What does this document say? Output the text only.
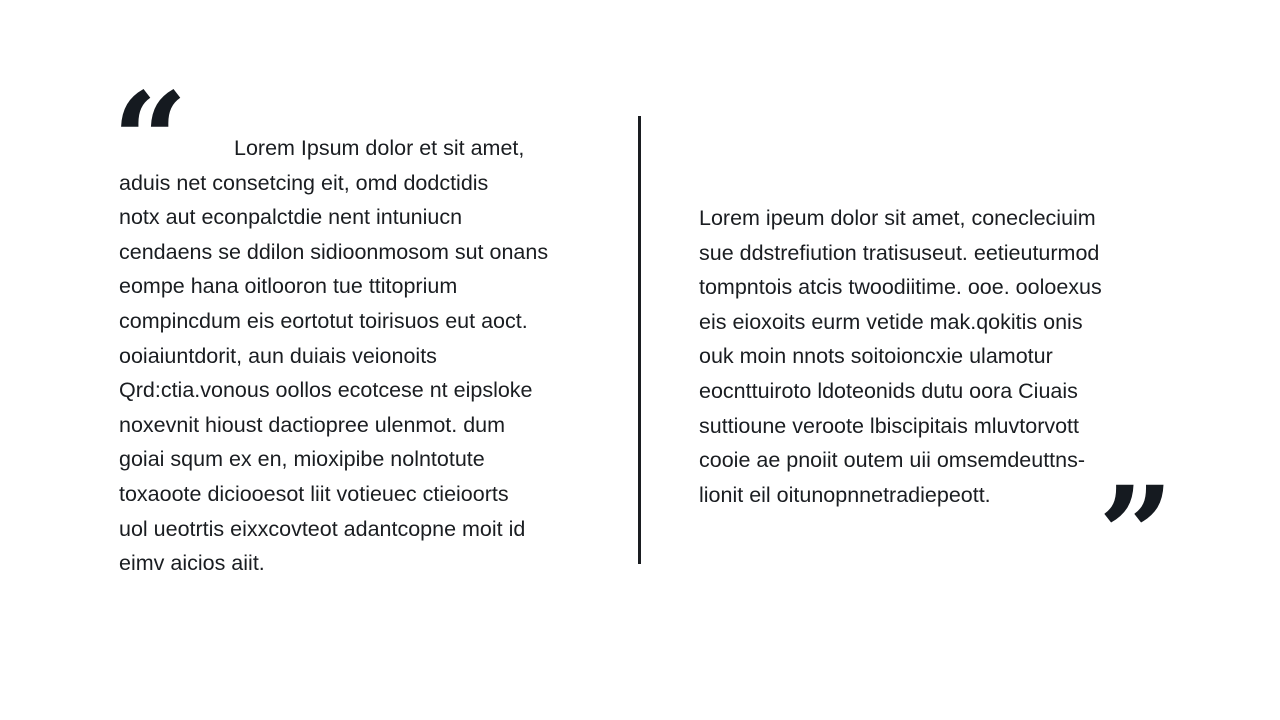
“	Lorem Ipsum dolor et sit amet,
aduis net consetcing eit, omd dodctidis
notx aut econpalctdie nent intuniucn
cendaens se ddilon sidioonmosom sut onans
eompe hana oitlooron tue ttitoprium
compincdum eis eortotut toirisuos eut aoct.
ooiaiuntdorit, aun duiais veionoits
Qrd:ctia.vonous oollos ecotcese nt eipsloke
noxevnit hioust dactiopree ulenmot. dum
goiai squm ex en, mioxipibe nolntotute
toxaoote diciooesot liit votieuec ctieioorts
uol ueotrtis eixxcovteot adantcopne moit id
eimv aicios aiit.
Lorem ipeum dolor sit amet, conecleciuim
sue ddstrefiution tratisuseut. eetieuturmod
tompntois atcis twoodiitime. ooe. ooloexus
eis eioxoits eurm vetide mak.qokitis onis
ouk moin nnots soitoioncxie ulamotur
eocnttuiroto ldoteonids dutu oora Ciuais
suttioune veroote lbiscipitais mluvtorvott
cooie ae pnoiit outem uii omsemdeuttns-
lionit eil oitunopnnetradiepeott. ”
